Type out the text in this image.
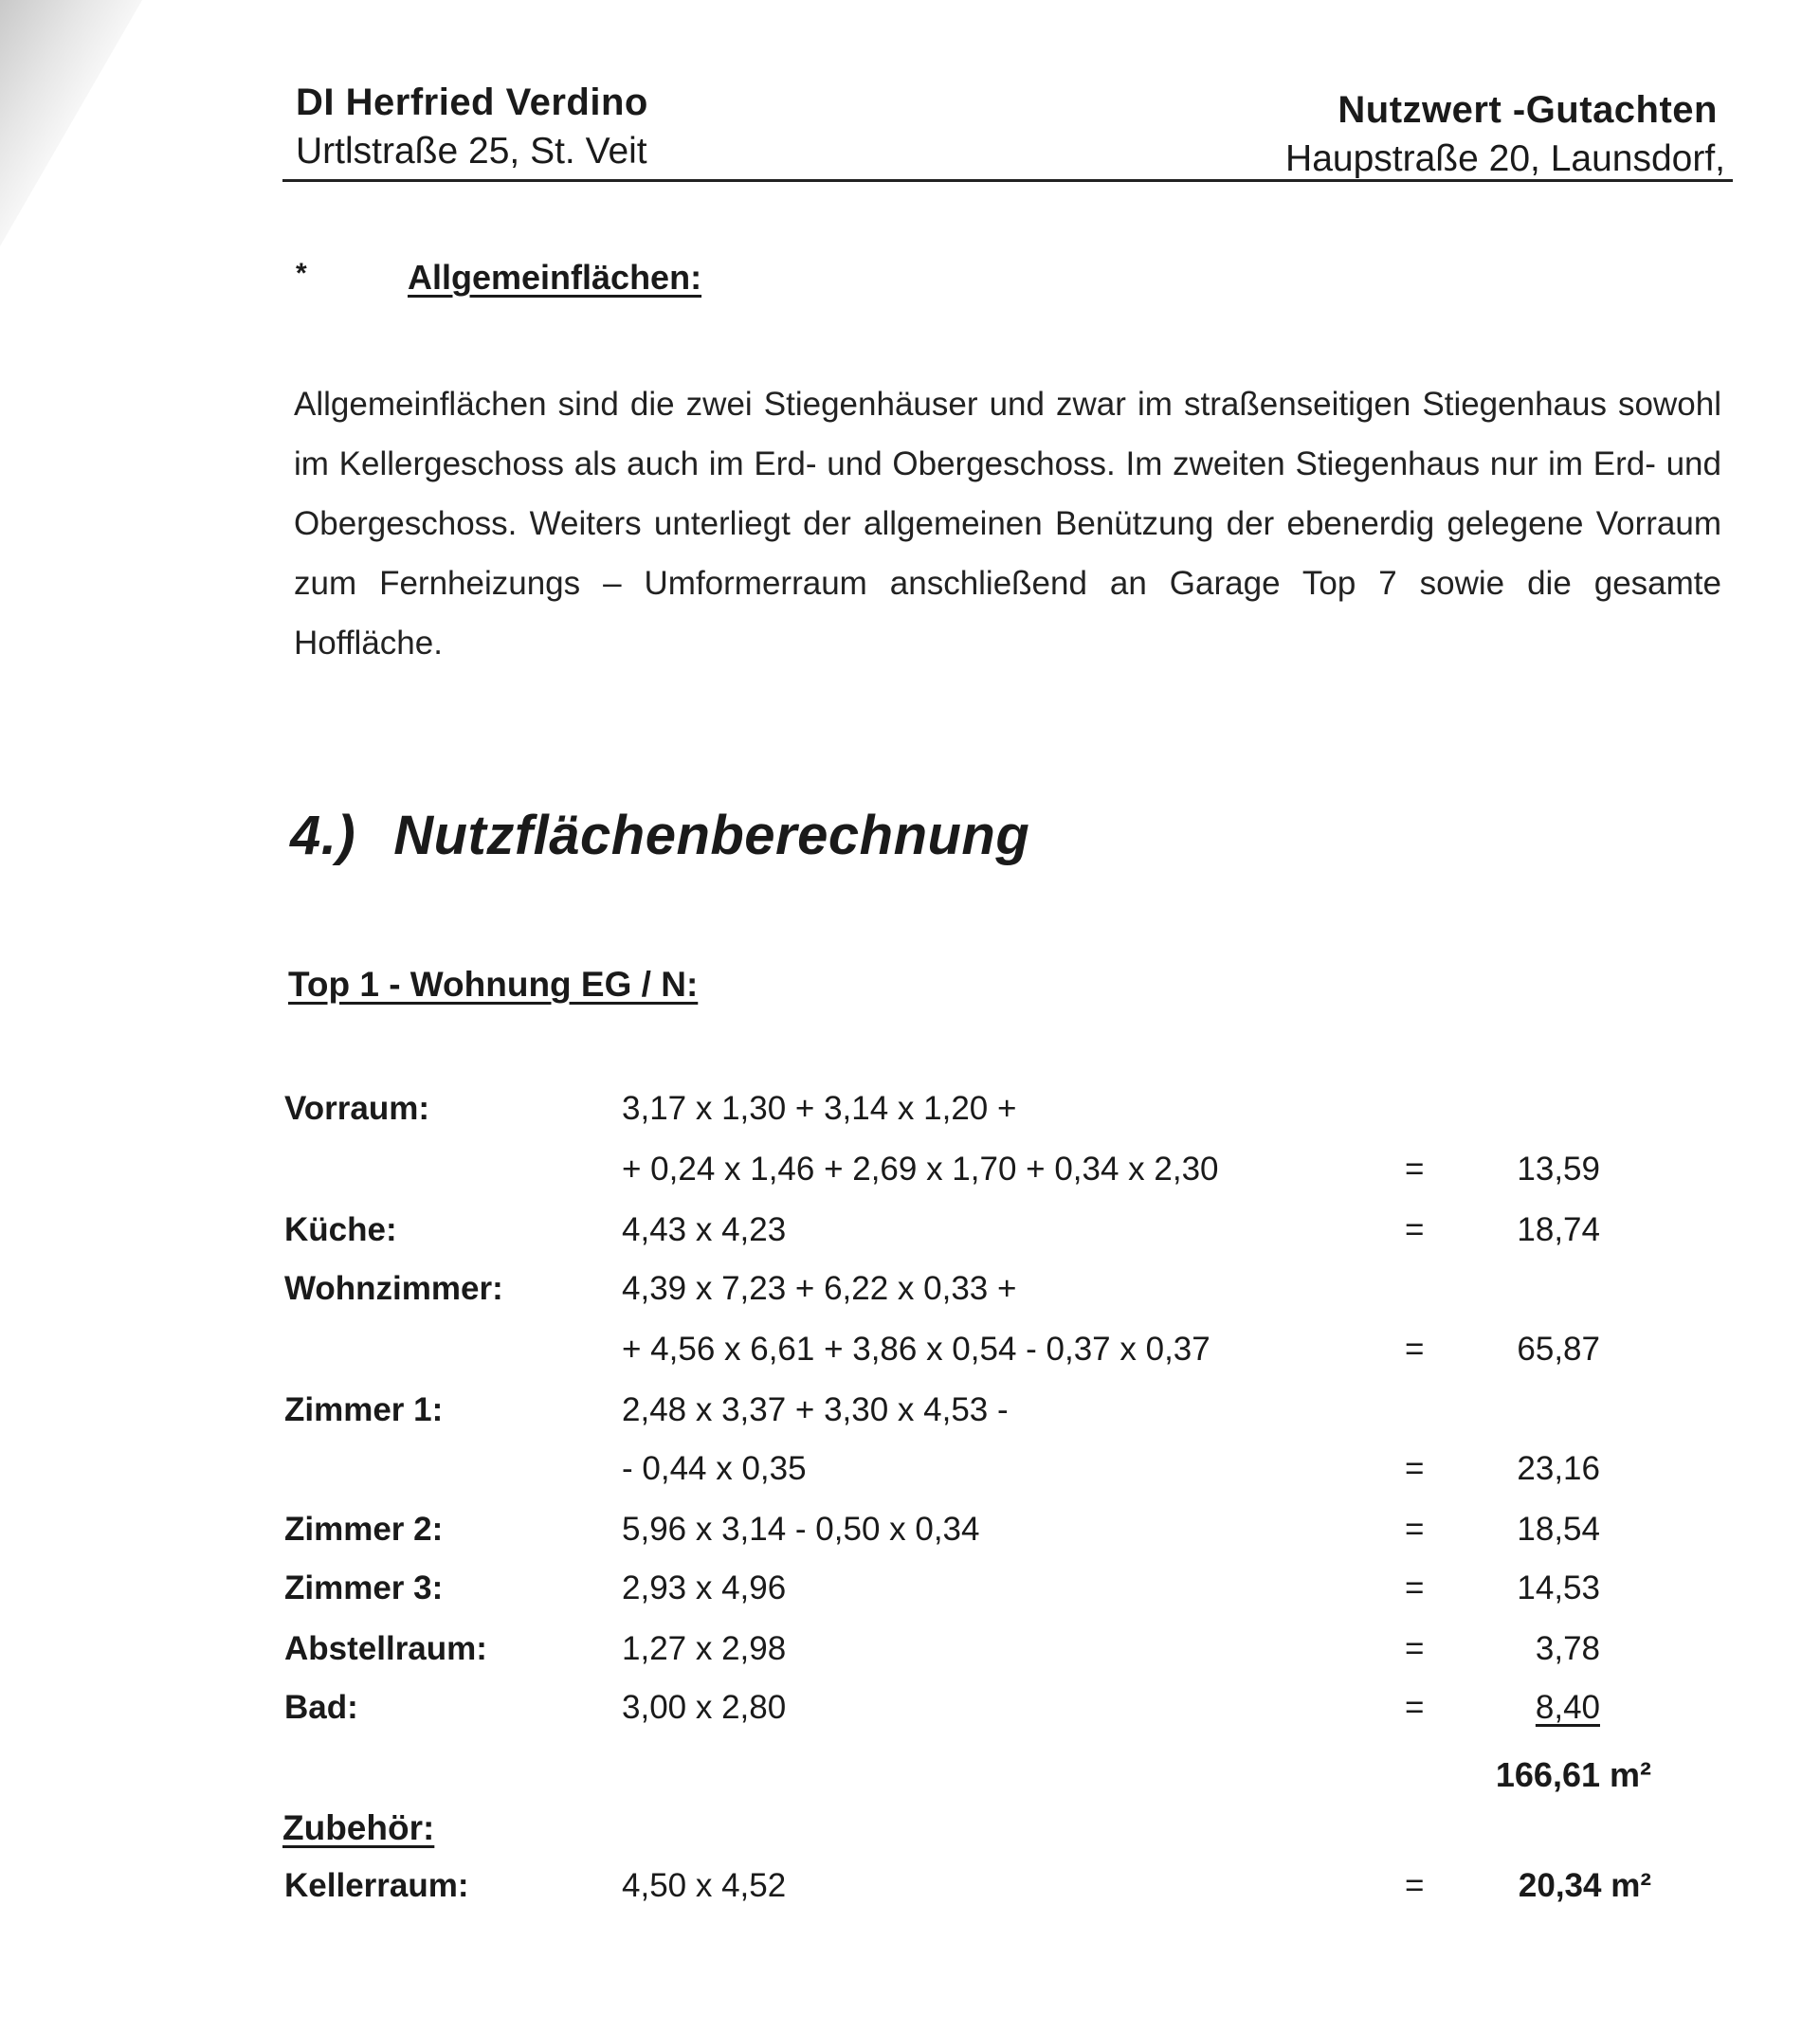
DI Herfried Verdino
Urtlstraße 25, St. Veit
Nutzwert -Gutachten
Haupstraße 20, Launsdorf,
*	Allgemeinflächen:

Allgemeinflächen sind die zwei Stiegenhäuser und zwar im straßenseitigen Stiegenhaus sowohl im Kellergeschoss als auch im Erd- und Obergeschoss. Im zweiten Stiegenhaus nur im Erd- und Obergeschoss. Weiters unterliegt der allgemeinen Benützung der ebenerdig gelegene Vorraum zum Fernheizungs – Umformerraum anschließend an Garage Top 7 sowie die gesamte Hoffläche.

4.) Nutzflächenberechnung
Top 1 - Wohnung EG / N:
Vorraum:	3,17 x 1,30 + 3,14 x 1,20 +
+ 0,24 x 1,46 + 2,69 x 1,70 + 0,34 x 2,30	=	13,59
Küche:	4,43 x 4,23	=	18,74
Wohnzimmer:	4,39 x 7,23 + 6,22 x 0,33 +
+ 4,56 x 6,61 + 3,86 x 0,54 - 0,37 x 0,37	=	65,87
Zimmer 1:	2,48 x 3,37 + 3,30 x 4,53 -
- 0,44 x 0,35	=	23,16
Zimmer 2:	5,96 x 3,14 - 0,50 x 0,34	=	18,54
Zimmer 3:	2,93 x 4,96	=	14,53
Abstellraum:	1,27 x 2,98	=	3,78
Bad:	3,00 x 2,80	=	8,40
166,61 m²
Zubehör:
Kellerraum:	4,50 x 4,52	=	20,34 m²
